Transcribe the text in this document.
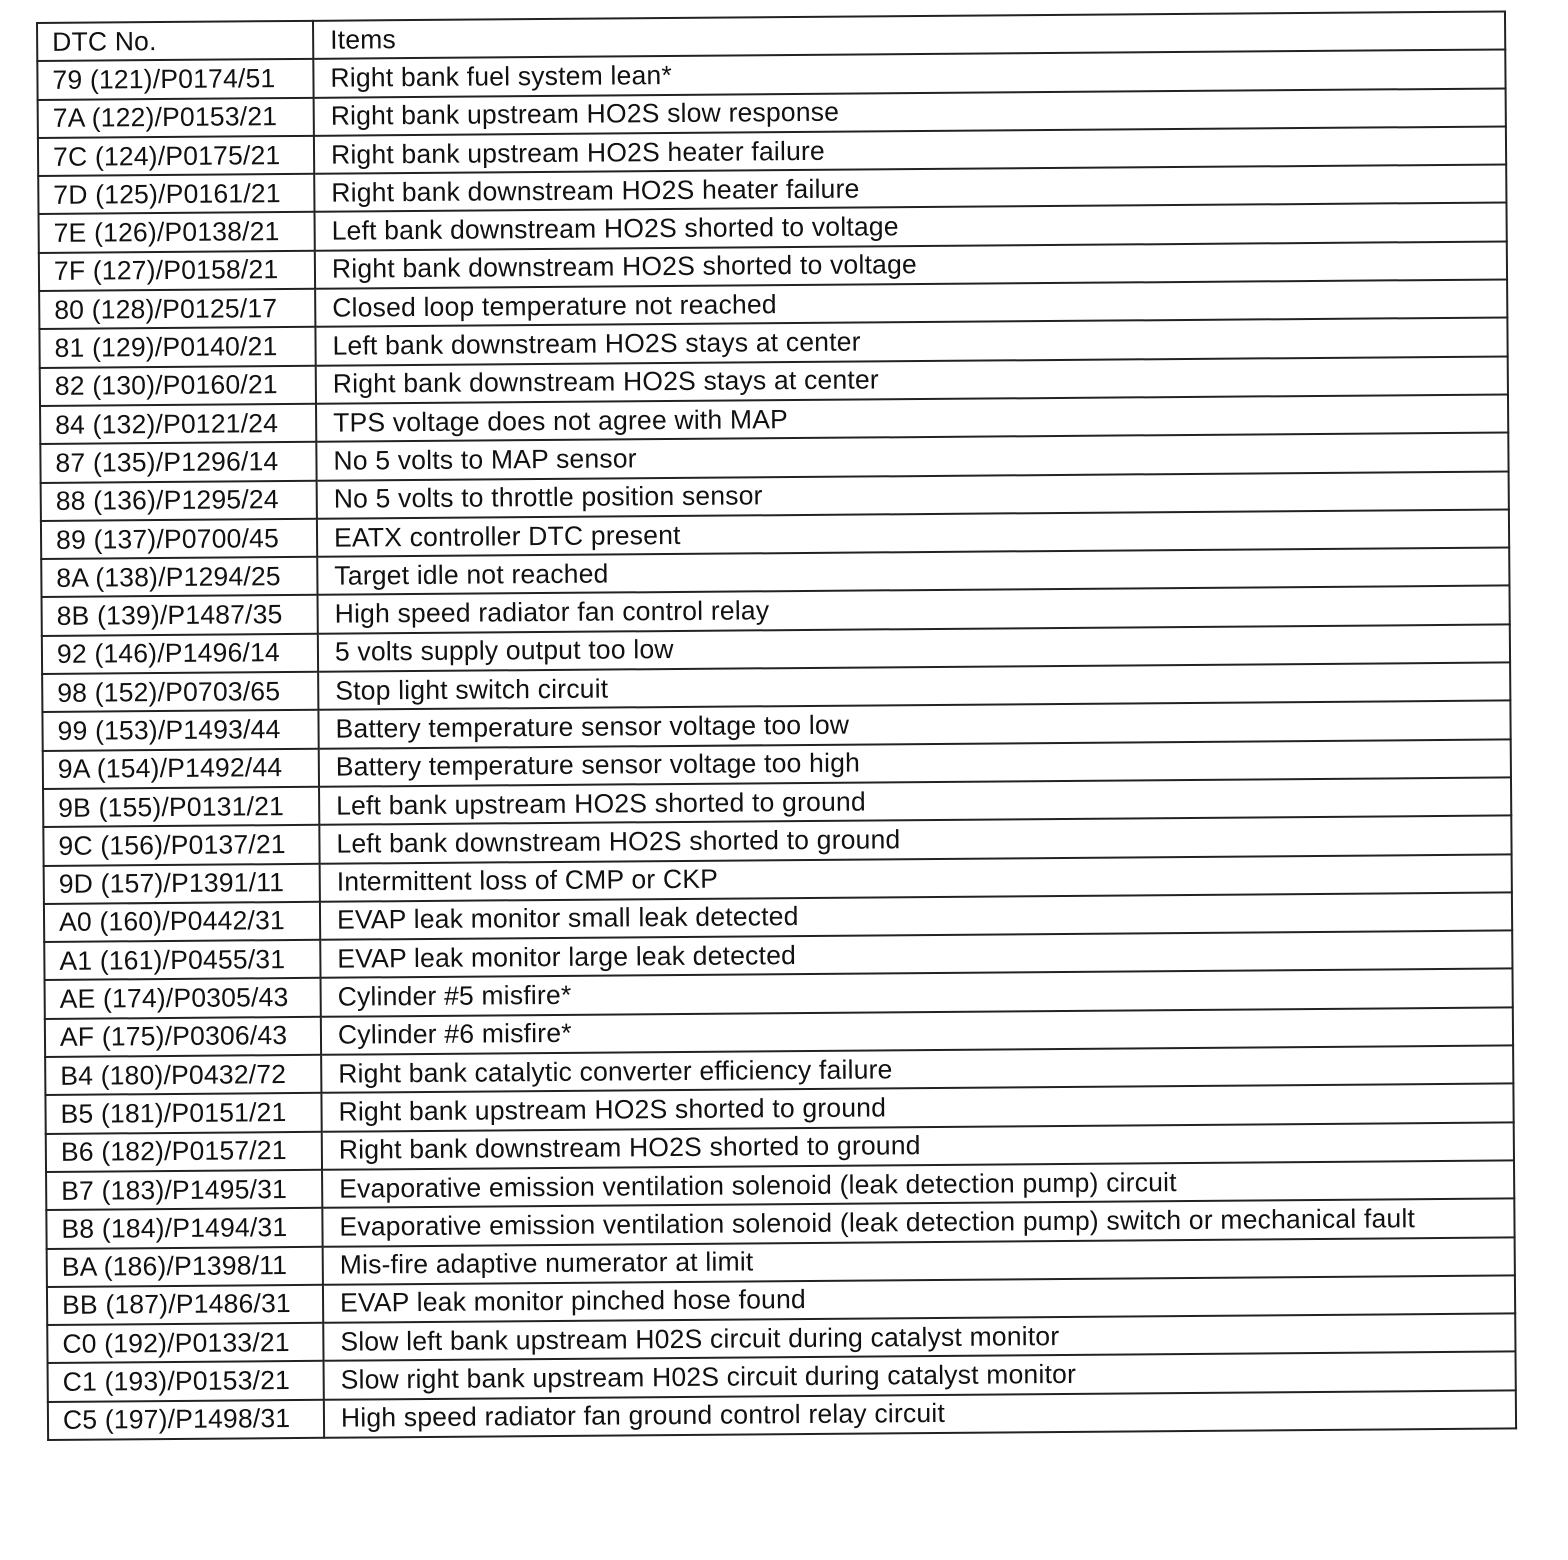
DTC No.	Items
79 (121)/P0174/51	Right bank fuel system lean*
7A (122)/P0153/21	Right bank upstream HO2S slow response
7C (124)/P0175/21	Right bank upstream HO2S heater failure
7D (125)/P0161/21	Right bank downstream HO2S heater failure
7E (126)/P0138/21	Left bank downstream HO2S shorted to voltage
7F (127)/P0158/21	Right bank downstream HO2S shorted to voltage
80 (128)/P0125/17	Closed loop temperature not reached
81 (129)/P0140/21	Left bank downstream HO2S stays at center
82 (130)/P0160/21	Right bank downstream HO2S stays at center
84 (132)/P0121/24	TPS voltage does not agree with MAP
87 (135)/P1296/14	No 5 volts to MAP sensor
88 (136)/P1295/24	No 5 volts to throttle position sensor
89 (137)/P0700/45	EATX controller DTC present
8A (138)/P1294/25	Target idle not reached
8B (139)/P1487/35	High speed radiator fan control relay
92 (146)/P1496/14	5 volts supply output too low
98 (152)/P0703/65	Stop light switch circuit
99 (153)/P1493/44	Battery temperature sensor voltage too low
9A (154)/P1492/44	Battery temperature sensor voltage too high
9B (155)/P0131/21	Left bank upstream HO2S shorted to ground
9C (156)/P0137/21	Left bank downstream HO2S shorted to ground
9D (157)/P1391/11	Intermittent loss of CMP or CKP
A0 (160)/P0442/31	EVAP leak monitor small leak detected
A1 (161)/P0455/31	EVAP leak monitor large leak detected
AE (174)/P0305/43	Cylinder #5 misfire*
AF (175)/P0306/43	Cylinder #6 misfire*
B4 (180)/P0432/72	Right bank catalytic converter efficiency failure
B5 (181)/P0151/21	Right bank upstream HO2S shorted to ground
B6 (182)/P0157/21	Right bank downstream HO2S shorted to ground
B7 (183)/P1495/31	Evaporative emission ventilation solenoid (leak detection pump) circuit
B8 (184)/P1494/31	Evaporative emission ventilation solenoid (leak detection pump) switch or mechanical fault
BA (186)/P1398/11	Mis-fire adaptive numerator at limit
BB (187)/P1486/31	EVAP leak monitor pinched hose found
C0 (192)/P0133/21	Slow left bank upstream H02S circuit during catalyst monitor
C1 (193)/P0153/21	Slow right bank upstream H02S circuit during catalyst monitor
C5 (197)/P1498/31	High speed radiator fan ground control relay circuit
